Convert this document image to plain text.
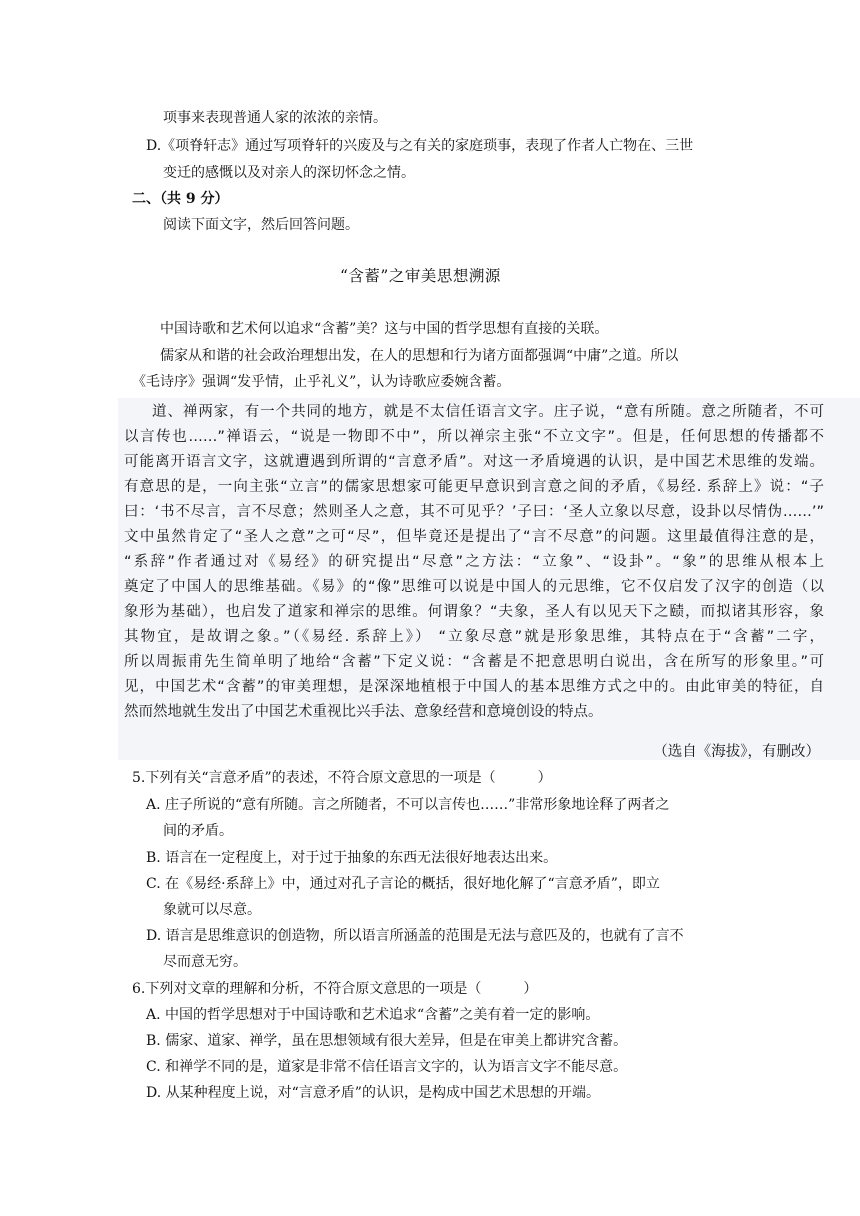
项事来表现普通人家的浓浓的亲情。
D.《项脊轩志》通过写项脊轩的兴废及与之有关的家庭琐事，表现了作者人亡物在、三世
变迁的感慨以及对亲人的深切怀念之情。
二、（共 9 分）
阅读下面文字，然后回答问题。
“含蓄”之审美思想溯源
中国诗歌和艺术何以追求“含蓄”美？这与中国的哲学思想有直接的关联。
儒家从和谐的社会政治理想出发，在人的思想和行为诸方面都强调“中庸”之道。所以
《毛诗序》强调“发乎情，止乎礼义”，认为诗歌应委婉含蓄。
道、禅两家，有一个共同的地方，就是不太信任语言文字。庄子说，“意有所随。意之所随者，不可
以言传也……”禅语云，“说是一物即不中”，所以禅宗主张“不立文字”。但是，任何思想的传播都不
可能离开语言文字，这就遭遇到所谓的“言意矛盾”。对这一矛盾境遇的认识，是中国艺术思维的发端。
有意思的是，一向主张“立言”的儒家思想家可能更早意识到言意之间的矛盾，《易经. 系辞上》说：“子
曰：‘书不尽言，言不尽意；然则圣人之意，其不可见乎？’子曰：‘圣人立象以尽意，设卦以尽情伪……’”
文中虽然肯定了“圣人之意”之可“尽”，但毕竟还是提出了“言不尽意”的问题。这里最值得注意的是，
“系辞”作者通过对《易经》的研究提出“尽意”之方法：“立象”、“设卦”。“象”的思维从根本上
奠定了中国人的思维基础。《易》的“像”思维可以说是中国人的元思维，它不仅启发了汉字的创造（以
象形为基础），也启发了道家和禅宗的思维。何谓象？“夫象，圣人有以见天下之赜，而拟诸其形容，象
其物宜，是故谓之象。”（《易经. 系辞上》） “立象尽意”就是形象思维，其特点在于“含蓄”二字，
所以周振甫先生简单明了地给“含蓄”下定义说：“含蓄是不把意思明白说出，含在所写的形象里。”可
见，中国艺术“含蓄”的审美理想，是深深地植根于中国人的基本思维方式之中的。由此审美的特征，自
然而然地就生发出了中国艺术重视比兴手法、意象经营和意境创设的特点。
（选自《海拔》，有删改）
5.下列有关“言意矛盾”的表述，不符合原文意思的一项是（　　　）
A. 庄子所说的“意有所随。言之所随者，不可以言传也……”非常形象地诠释了两者之
间的矛盾。
B. 语言在一定程度上，对于过于抽象的东西无法很好地表达出来。
C. 在《易经·系辞上》中，通过对孔子言论的概括，很好地化解了“言意矛盾”，即立
象就可以尽意。
D. 语言是思维意识的创造物，所以语言所涵盖的范围是无法与意匹及的，也就有了言不
尽而意无穷。
6.下列对文章的理解和分析，不符合原文意思的一项是（　　　）
A. 中国的哲学思想对于中国诗歌和艺术追求“含蓄”之美有着一定的影响。
B. 儒家、道家、禅学，虽在思想领域有很大差异，但是在审美上都讲究含蓄。
C. 和禅学不同的是，道家是非常不信任语言文字的，认为语言文字不能尽意。
D. 从某种程度上说，对“言意矛盾”的认识，是构成中国艺术思想的开端。
